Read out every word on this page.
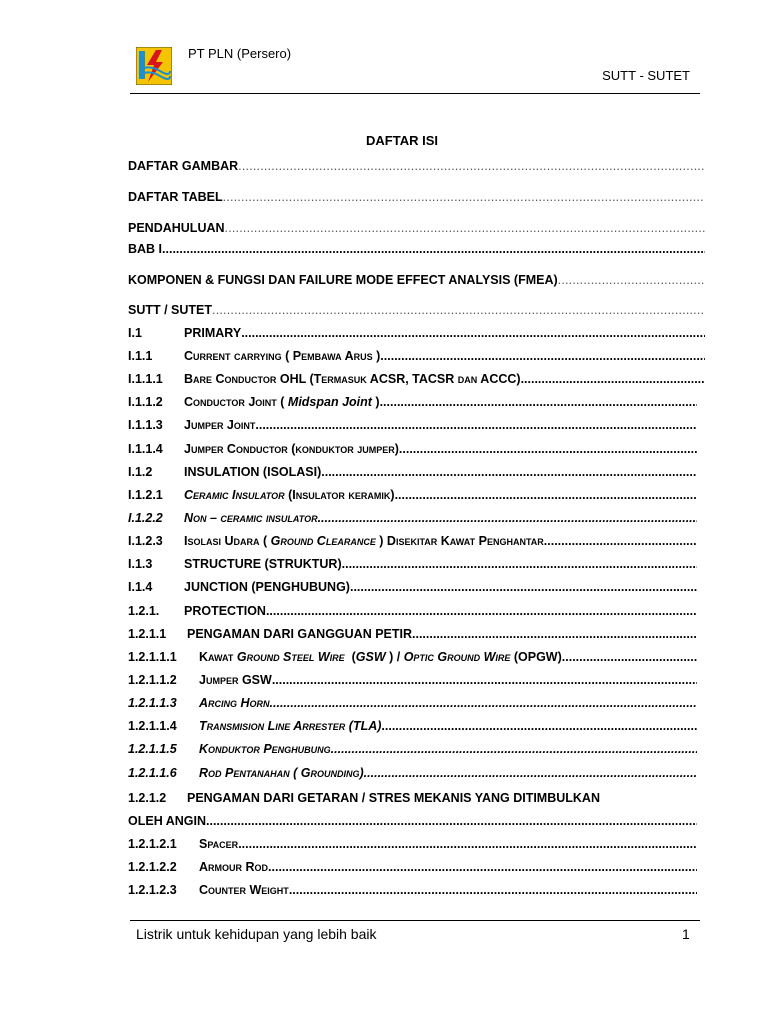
PT PLN (Persero)
SUTT - SUTET
DAFTAR ISI
DAFTAR GAMBAR
.....
DAFTAR TABEL
.....
PENDAHULUAN
.....
BAB I
.....
KOMPONEN & FUNGSI DAN FAILURE MODE EFFECT ANALYSIS (FMEA)
.....
SUTT / SUTET
.....
I.1	PRIMARY
.....
I.1.1	Current carrying ( Pembawa Arus )
.....
I.1.1.1	Bare Conductor OHL (Termasuk ACSR, TACSR dan ACCC)
.....
I.1.1.2	Conductor Joint ( Midspan Joint )
.....
I.1.1.3	Jumper Joint
.....
I.1.1.4	Jumper Conductor (konduktor jumper)
.....
I.1.2	INSULATION (ISOLASI)
.....
I.1.2.1	Ceramic Insulator (Insulator keramik)
.....
I.1.2.2	Non – ceramic insulator
.....
I.1.2.3	Isolasi Udara ( Ground Clearance ) Disekitar Kawat Penghantar
.....
I.1.3	STRUCTURE (STRUKTUR)
.....
I.1.4	JUNCTION (PENGHUBUNG)
.....
1.2.1.	PROTECTION
.....
1.2.1.1	PENGAMAN DARI GANGGUAN PETIR
.....
1.2.1.1.1	Kawat Ground Steel Wire  (GSW ) / Optic Ground Wire (OPGW)
.....
1.2.1.1.2	Jumper GSW
.....
1.2.1.1.3	Arcing Horn
.....
1.2.1.1.4	Transmision Line Arrester (TLA)
.....
1.2.1.1.5	Konduktor Penghubung
.....
1.2.1.1.6	Rod Pentanahan ( Grounding)
.....
1.2.1.2	PENGAMAN DARI GETARAN / STRES MEKANIS YANG DITIMBULKAN
OLEH ANGIN
.....
1.2.1.2.1	Spacer
.....
1.2.1.2.2	Armour Rod
.....
1.2.1.2.3	Counter Weight
.....
Listrik untuk kehidupan yang lebih baik	1
